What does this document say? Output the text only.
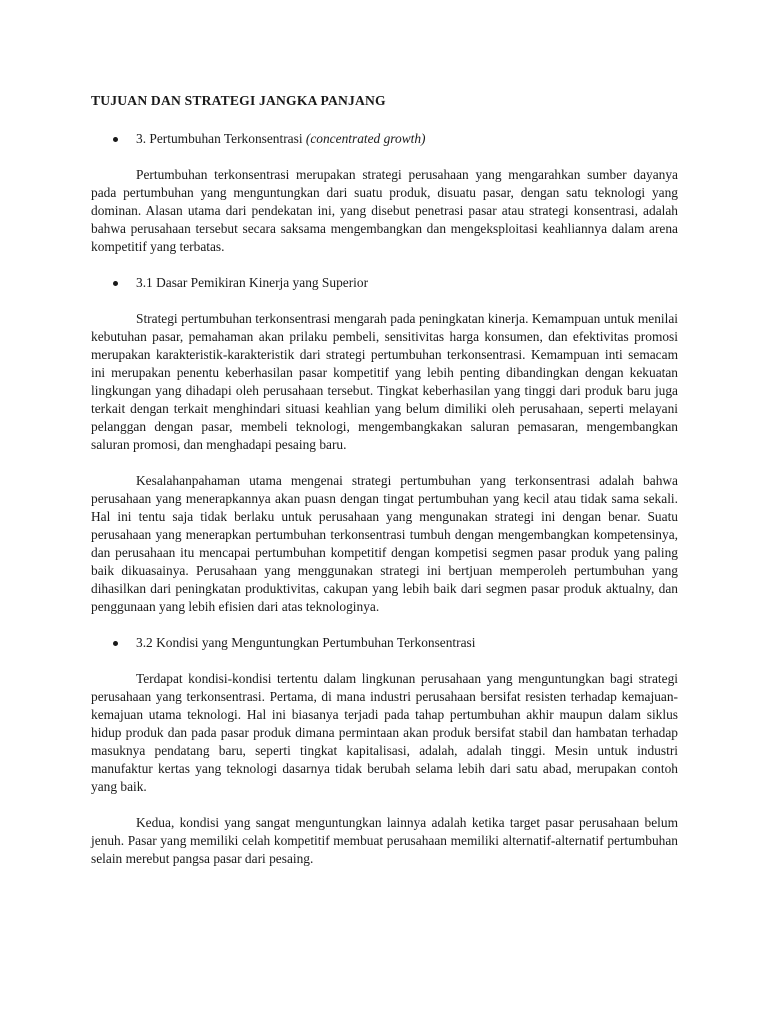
TUJUAN DAN STRATEGI JANGKA PANJANG
3. Pertumbuhan Terkonsentrasi (concentrated growth)

Pertumbuhan terkonsentrasi merupakan strategi perusahaan yang mengarahkan sumber dayanya pada pertumbuhan yang menguntungkan dari suatu produk, disuatu pasar, dengan satu teknologi yang dominan. Alasan utama dari pendekatan ini, yang disebut penetrasi pasar atau strategi konsentrasi, adalah bahwa perusahaan tersebut secara saksama mengembangkan dan mengeksploitasi keahliannya dalam arena kompetitif yang terbatas.

3.1 Dasar Pemikiran Kinerja yang Superior

Strategi pertumbuhan terkonsentrasi mengarah pada peningkatan kinerja. Kemampuan untuk menilai kebutuhan pasar, pemahaman akan prilaku pembeli, sensitivitas harga konsumen, dan efektivitas promosi merupakan karakteristik-karakteristik dari strategi pertumbuhan terkonsentrasi. Kemampuan inti semacam ini merupakan penentu keberhasilan pasar kompetitif yang lebih penting dibandingkan dengan kekuatan lingkungan yang dihadapi oleh perusahaan tersebut. Tingkat keberhasilan yang tinggi dari produk baru juga terkait dengan terkait menghindari situasi keahlian yang belum dimiliki oleh perusahaan, seperti melayani pelanggan dengan pasar, membeli teknologi, mengembangkakan saluran pemasaran, mengembangkan saluran promosi, dan menghadapi pesaing baru.

Kesalahanpahaman utama mengenai strategi pertumbuhan yang terkonsentrasi adalah bahwa perusahaan yang menerapkannya akan puasn dengan tingat pertumbuhan yang kecil atau tidak sama sekali. Hal ini tentu saja tidak berlaku untuk perusahaan yang mengunakan strategi ini dengan benar. Suatu perusahaan yang menerapkan pertumbuhan terkonsentrasi tumbuh dengan mengembangkan kompetensinya, dan perusahaan itu mencapai pertumbuhan kompetitif dengan kompetisi segmen pasar produk yang paling baik dikuasainya. Perusahaan yang menggunakan strategi ini bertjuan memperoleh pertumbuhan yang dihasilkan dari peningkatan produktivitas, cakupan yang lebih baik dari segmen pasar produk aktualny, dan penggunaan yang lebih efisien dari atas teknologinya.

3.2 Kondisi yang Menguntungkan Pertumbuhan Terkonsentrasi

Terdapat kondisi-kondisi tertentu dalam lingkunan perusahaan yang menguntungkan bagi strategi perusahaan yang terkonsentrasi. Pertama, di mana industri perusahaan bersifat resisten terhadap kemajuan-kemajuan utama teknologi. Hal ini biasanya terjadi pada tahap pertumbuhan akhir maupun dalam siklus hidup produk dan pada pasar produk dimana permintaan akan produk bersifat stabil dan hambatan terhadap masuknya pendatang baru, seperti tingkat kapitalisasi, adalah, adalah tinggi. Mesin untuk industri manufaktur kertas yang teknologi dasarnya tidak berubah selama lebih dari satu abad, merupakan contoh yang baik.

Kedua, kondisi yang sangat menguntungkan lainnya adalah ketika target pasar perusahaan belum jenuh. Pasar yang memiliki celah kompetitif membuat perusahaan memiliki alternatif-alternatif pertumbuhan selain merebut pangsa pasar dari pesaing.
